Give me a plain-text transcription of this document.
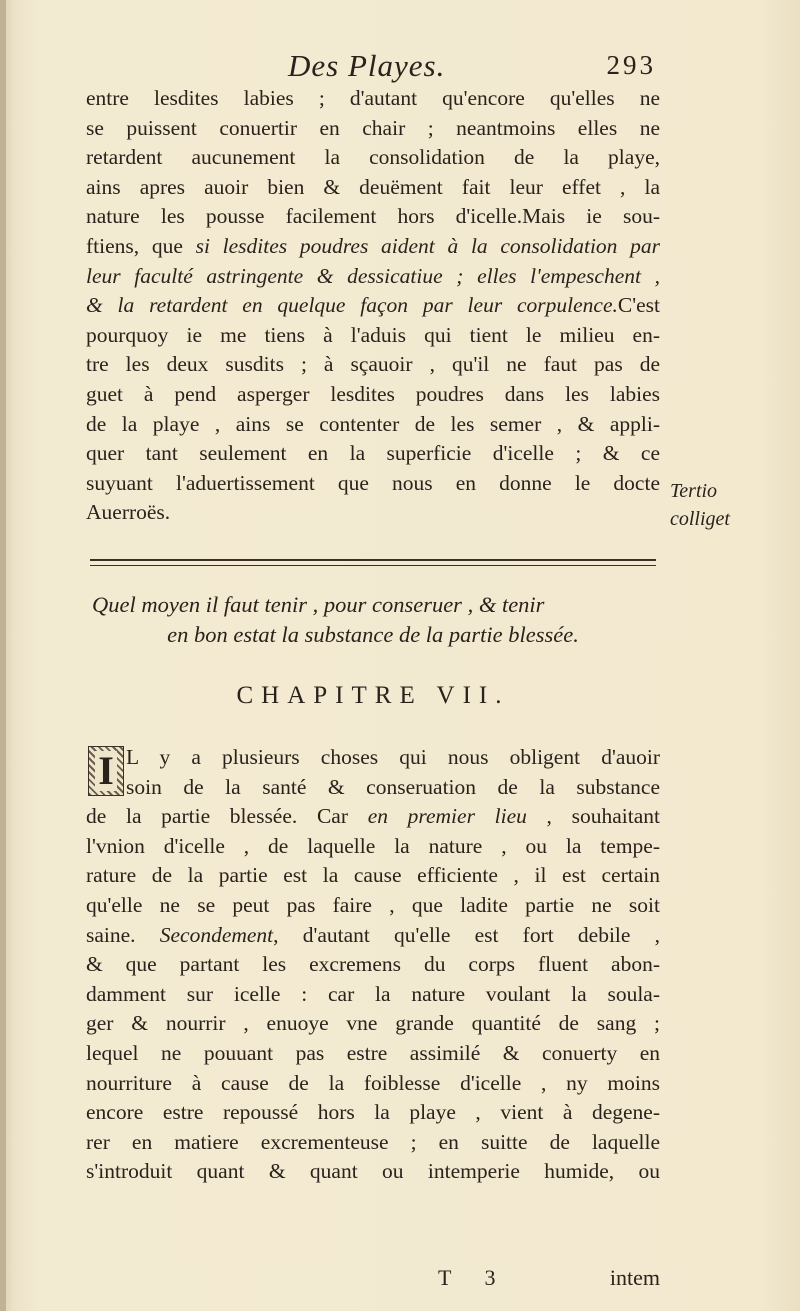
Des Playes.	293
entre lesdites labies ; d'autant qu'encore qu'elles ne
se puissent conuertir en chair ; neantmoins elles ne
retardent aucunement la consolidation de la playe,
ains apres auoir bien & deuëment fait leur effet , la
nature les pousse facilement hors d'icelle.Mais ie sou-
ftiens, que si lesdites poudres aident à la consolidation par
leur faculté astringente & dessicatiue ; elles l'empeschent ,
& la retardent en quelque façon par leur corpulence.C'est
pourquoy ie me tiens à l'aduis qui tient le milieu en-
tre les deux susdits ; à sçauoir , qu'il ne faut pas de
guet à pend asperger lesdites poudres dans les labies
de la playe , ains se contenter de les semer , & appli-
quer tant seulement en la superficie d'icelle ; & ce
suyuant l'aduertissement que nous en donne le docte
Auerroës.
Tertio
colliget
Quel moyen il faut tenir , pour conseruer , & tenir
en bon estat la substance de la partie blessée.
CHAPITRE VII.
I L y a plusieurs choses qui nous obligent d'auoir
soin de la santé & conseruation de la substance
de la partie blessée. Car en premier lieu , souhaitant
l'vnion d'icelle , de laquelle la nature , ou la tempe-
rature de la partie est la cause efficiente , il est certain
qu'elle ne se peut pas faire , que ladite partie ne soit
saine. Secondement, d'autant qu'elle est fort debile ,
& que partant les excremens du corps fluent abon-
damment sur icelle : car la nature voulant la soula-
ger & nourrir , enuoye vne grande quantité de sang ;
lequel ne pouuant pas estre assimilé & conuerty en
nourriture à cause de la foiblesse d'icelle , ny moins
encore estre repoussé hors la playe , vient à degene-
rer en matiere excrementeuse ; en suitte de laquelle
s'introduit quant & quant ou intemperie humide, ou
T 3	intem
